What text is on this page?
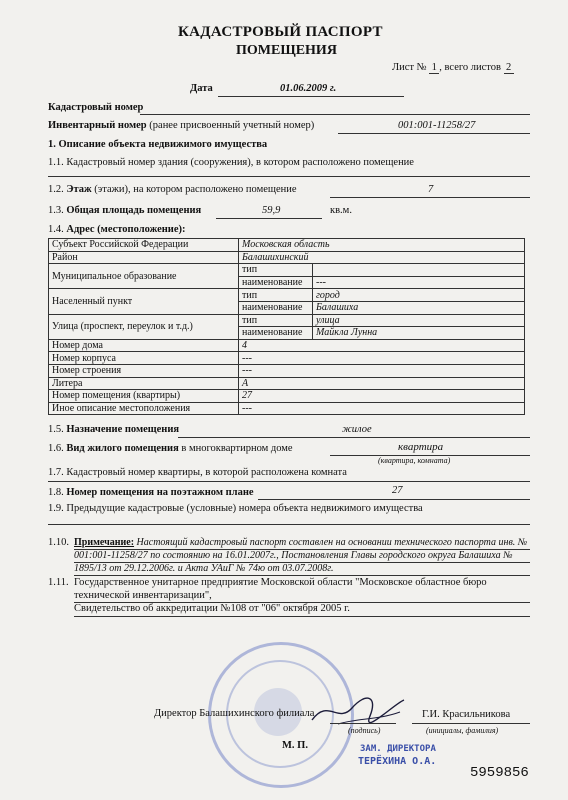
КАДАСТРОВЫЙ ПАСПОРТ
ПОМЕЩЕНИЯ
Лист № 1 , всего листов 2
Дата	01.06.2009 г.
Кадастровый номер
Инвентарный номер (ранее присвоенный учетный номер)	001:001-11258/27
1. Описание объекта недвижимого имущества
1.1. Кадастровый номер здания (сооружения), в котором расположено помещение
1.2. Этаж (этажи), на котором расположено помещение	7
1.3. Общая площадь помещения	59,9	кв.м.
1.4. Адрес (местоположение):
Субъект Российской Федерации	Московская область	
Район	Балашихинский	
Муниципальное образование	тип	
	наименование	---
Населенный пункт	тип	город
	наименование	Балашиха
Улица (проспект, переулок и т.д.)	тип	улица
	наименование	Майкла Лунна
Номер дома	4	
Номер корпуса	---	
Номер строения	---	
Литера	А	
Номер помещения (квартиры)	27	
Иное описание местоположения	---	
1.5. Назначение помещения	жилое
1.6. Вид жилого помещения в многоквартирном доме	квартира
(квартира, комната)
1.7. Кадастровый номер квартиры, в которой расположена комната
1.8. Номер помещения на поэтажном плане	27
1.9. Предыдущие кадастровые (условные) номера объекта недвижимого имущества
1.10. Примечание: Настоящий кадастровый паспорт составлен на основании технического паспорта инв. №
001:001-11258/27 по состоянию на 16.01.2007г., Постановления Главы городского округа Балашиха №
1895/13 от 29.12.2006г. и Акта УАиГ № 74ю от 03.07.2008г.
1.11. Государственное унитарное предприятие Московской области "Московское областное бюро
технической инвентаризации",
Свидетельство об аккредитации №108 от "06" октября 2005 г.
Директор Балашихинского филиала
(подпись)
Г.И. Красильникова
(инициалы, фамилия)
М. П.	ЗАМ. ДИРЕКТОРА
ТЕРЁХИНА О.А.
5959856
